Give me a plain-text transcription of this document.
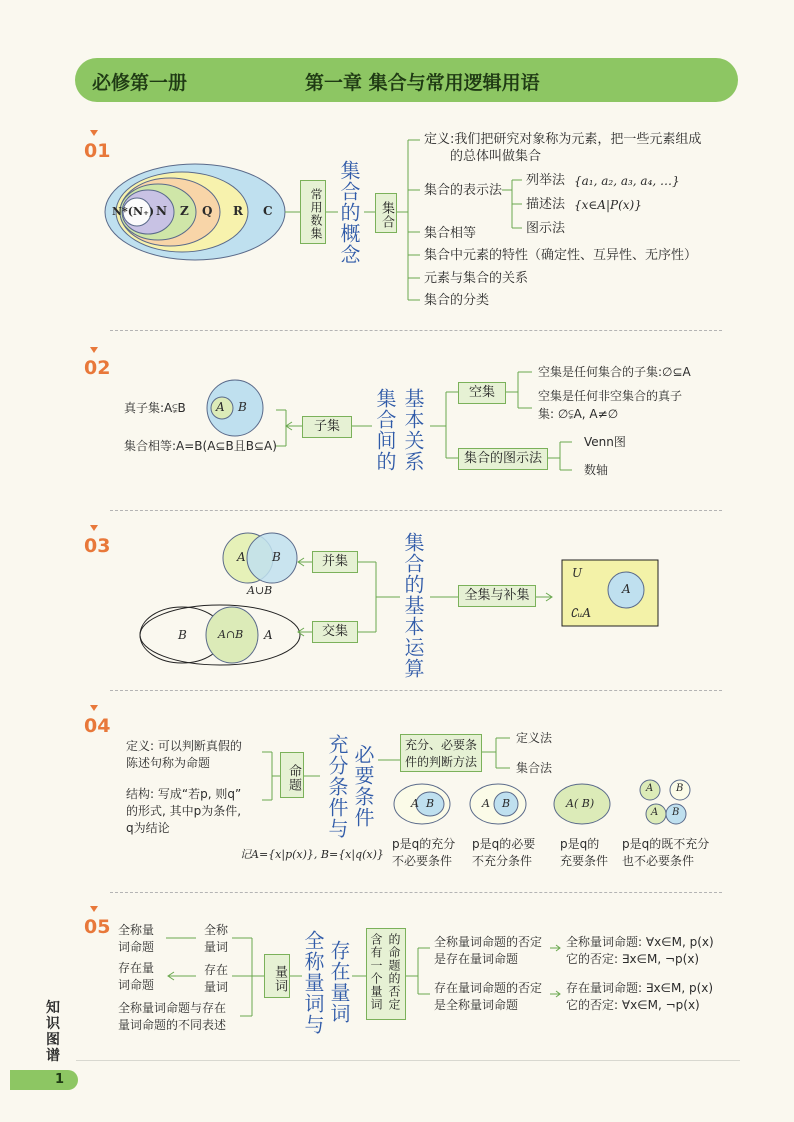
必修第一册	第一章 集合与常用逻辑用语
01
N*(N₊) N Z Q R C	常用数集 集合的概念	集合
定义:我们把研究对象称为元素，把一些元素组成
的总体叫做集合
集合的表示法
列举法 {a₁, a₂, a₃, a₄, …}
描述法 {x∈A|P(x)}
图示法
集合相等
集合中元素的特性（确定性、互异性、无序性）
元素与集合的关系
集合的分类
02
A B
真子集:A⫋B
集合相等:A=B(A⊆B且B⊆A)
子集	集合间的 基本关系	空集
空集是任何集合的子集:∅⊆A
空集是任何非空集合的真子
集: ∅⫋A, A≠∅
集合的图示法
Venn图
数轴
03	A B
A∪B
并集
B	A∩B A	交集	集合的基本运算	全集与补集
U
A
∁ᵤA
04
定义: 可以判断真假的
陈述句称为命题
结构: 写成“若p, 则q”
的形式, 其中p为条件,
q为结论
命题 充分条件与 必要条件	充分、必要条
件的判断方法
定义法
集合法
A B	A B	A( B)
A B
A B
记A={x|p(x)}, B={x|q(x)}
p是q的充分
不必要条件
p是q的必要
不充分条件
p是q的
充要条件
p是q的既不充分
也不必要条件
05 全称量
词命题
存在量
词命题
全称量词命题与存在
量词命题的不同表述
全称
量词
存在
量词	量词 全称量词与 存在量词	的命题的否定
含有一个量词	全称量词命题的否定
是存在量词命题
存在量词命题的否定
是全称量词命题
全称量词命题: ∀x∈M, p(x)
它的否定: ∃x∈M, ¬p(x)
存在量词命题: ∃x∈M, p(x)
它的否定: ∀x∈M, ¬p(x)
知识图谱
1
